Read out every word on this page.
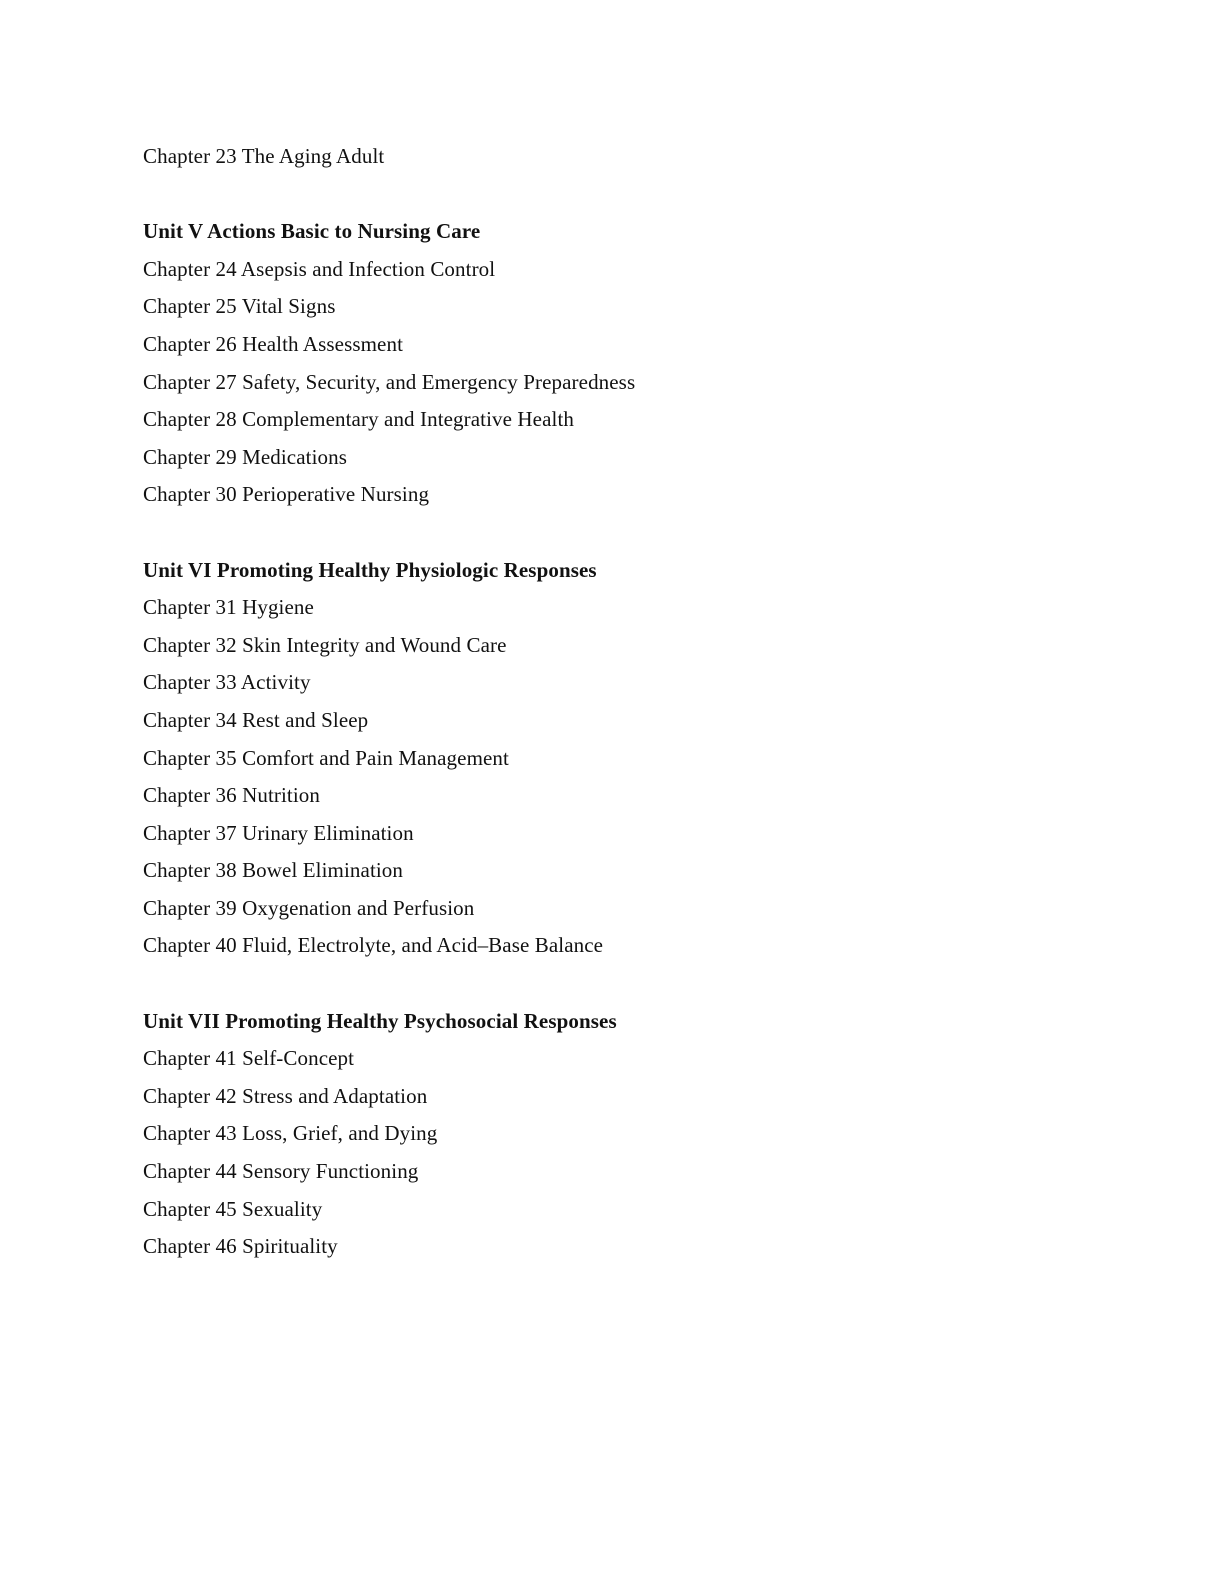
Chapter 23 The Aging Adult
Unit V Actions Basic to Nursing Care
Chapter 24 Asepsis and Infection Control
Chapter 25 Vital Signs
Chapter 26 Health Assessment
Chapter 27 Safety, Security, and Emergency Preparedness
Chapter 28 Complementary and Integrative Health
Chapter 29 Medications
Chapter 30 Perioperative Nursing
Unit VI Promoting Healthy Physiologic Responses
Chapter 31 Hygiene
Chapter 32 Skin Integrity and Wound Care
Chapter 33 Activity
Chapter 34 Rest and Sleep
Chapter 35 Comfort and Pain Management
Chapter 36 Nutrition
Chapter 37 Urinary Elimination
Chapter 38 Bowel Elimination
Chapter 39 Oxygenation and Perfusion
Chapter 40 Fluid, Electrolyte, and Acid–Base Balance
Unit VII Promoting Healthy Psychosocial Responses
Chapter 41 Self-Concept
Chapter 42 Stress and Adaptation
Chapter 43 Loss, Grief, and Dying
Chapter 44 Sensory Functioning
Chapter 45 Sexuality
Chapter 46 Spirituality
